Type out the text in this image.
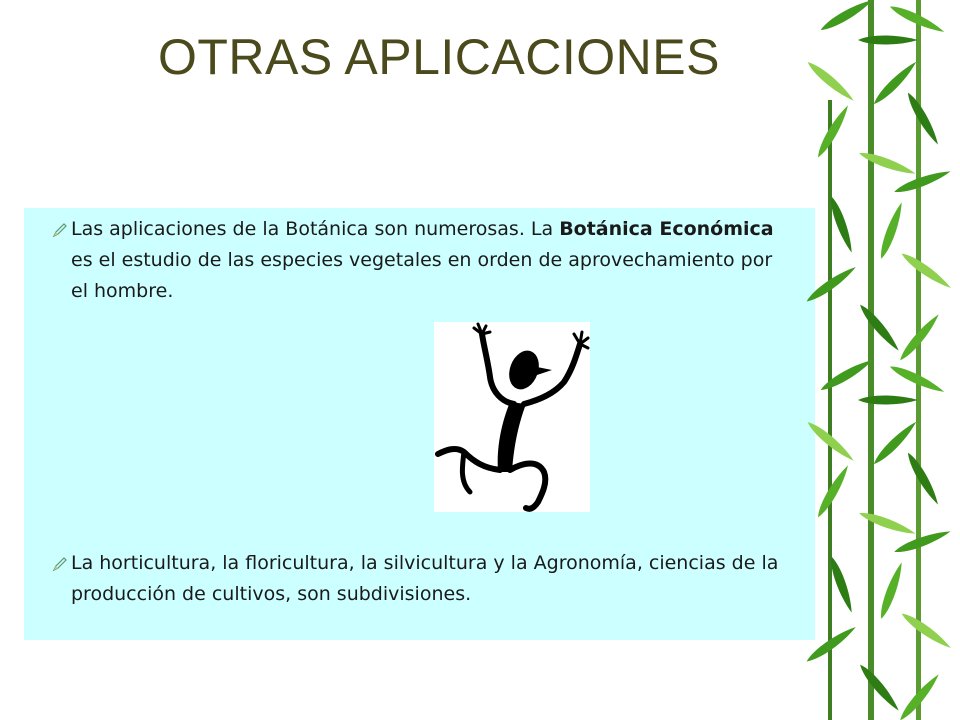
OTRAS APLICACIONES
Las aplicaciones de la Botánica son numerosas. La Botánica Económica es el estudio de las especies vegetales en orden de aprovechamiento por el hombre.
La horticultura, la floricultura, la silvicultura y la Agronomía, ciencias de la producción de cultivos, son subdivisiones.
